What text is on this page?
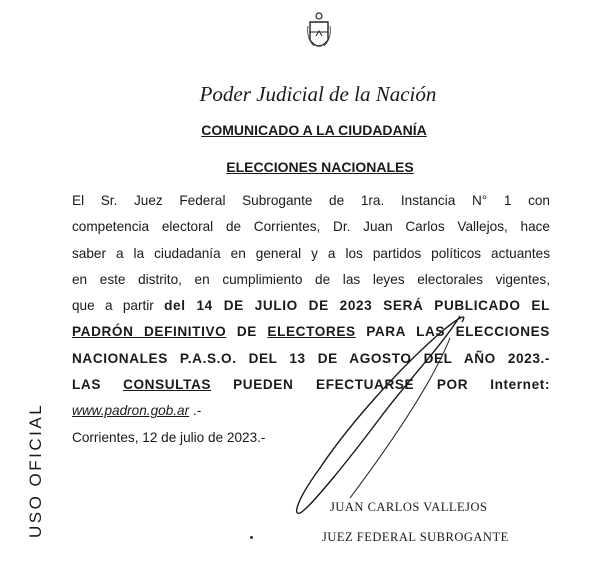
USO OFICIAL
Poder Judicial de la Nación
COMUNICADO A LA CIUDADANÍA
ELECCIONES NACIONALES
El Sr. Juez Federal Subrogante de 1ra. Instancia N° 1 con
competencia electoral de Corrientes, Dr. Juan Carlos Vallejos, hace
saber a la ciudadanía en general y a los partidos políticos actuantes
en este distrito, en cumplimiento de las leyes electorales vigentes,
que a partir del 14 DE JULIO DE 2023 SERÁ PUBLICADO EL
PADRÓN DEFINITIVO DE ELECTORES PARA LAS ELECCIONES
NACIONALES P.A.S.O. DEL 13 DE AGOSTO DEL AÑO 2023.-
LAS CONSULTAS PUEDEN EFECTUARSE POR Internet:
www.padron.gob.ar .-
Corrientes, 12 de julio de 2023.-
JUAN CARLOS VALLEJOS
JUEZ FEDERAL SUBROGANTE
